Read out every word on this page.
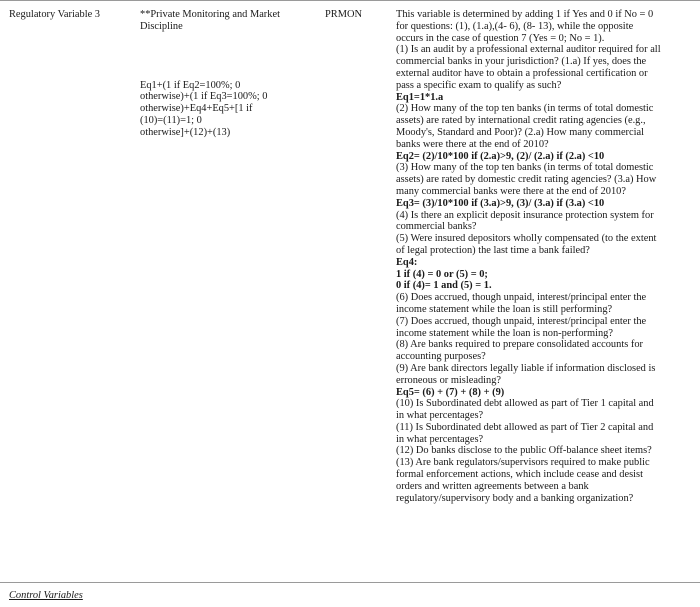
Regulatory Variable 3	**Private Monitoring and Market
Discipline
Eq1+(1 if Eq2=100%; 0
otherwise)+(1 if Eq3=100%; 0
otherwise)+Eq4+Eq5+[1 if
(10)=(11)=1; 0
otherwise]+(12)+(13)
PRMON	This variable is determined by adding 1 if Yes and 0 if No = 0
for questions: (1), (1.a),(4- 6), (8- 13), while the opposite
occurs in the case of question 7 (Yes = 0; No = 1).
(1) Is an audit by a professional external auditor required for all
commercial banks in your jurisdiction? (1.a) If yes, does the
external auditor have to obtain a professional certification or
pass a specific exam to qualify as such?
Eq1=1*1.a
(2) How many of the top ten banks (in terms of total domestic
assets) are rated by international credit rating agencies (e.g.,
Moody's, Standard and Poor)? (2.a) How many commercial
banks were there at the end of 2010?
Eq2= (2)/10*100 if (2.a)>9, (2)/ (2.a) if (2.a) <10
(3) How many of the top ten banks (in terms of total domestic
assets) are rated by domestic credit rating agencies? (3.a) How
many commercial banks were there at the end of 2010?
Eq3= (3)/10*100 if (3.a)>9, (3)/ (3.a) if (3.a) <10
(4) Is there an explicit deposit insurance protection system for
commercial banks?
(5) Were insured depositors wholly compensated (to the extent
of legal protection) the last time a bank failed?
Eq4:
1 if (4) = 0 or (5) = 0;
0 if (4)= 1 and (5) = 1.
(6) Does accrued, though unpaid, interest/principal enter the
income statement while the loan is still performing?
(7) Does accrued, though unpaid, interest/principal enter the
income statement while the loan is non-performing?
(8) Are banks required to prepare consolidated accounts for
accounting purposes?
(9) Are bank directors legally liable if information disclosed is
erroneous or misleading?
Eq5= (6) + (7) + (8) + (9)
(10) Is Subordinated debt allowed as part of Tier 1 capital and
in what percentages?
(11) Is Subordinated debt allowed as part of Tier 2 capital and
in what percentages?
(12) Do banks disclose to the public Off-balance sheet items?
(13) Are bank regulators/supervisors required to make public
formal enforcement actions, which include cease and desist
orders and written agreements between a bank
regulatory/supervisory body and a banking organization?
Control Variables
